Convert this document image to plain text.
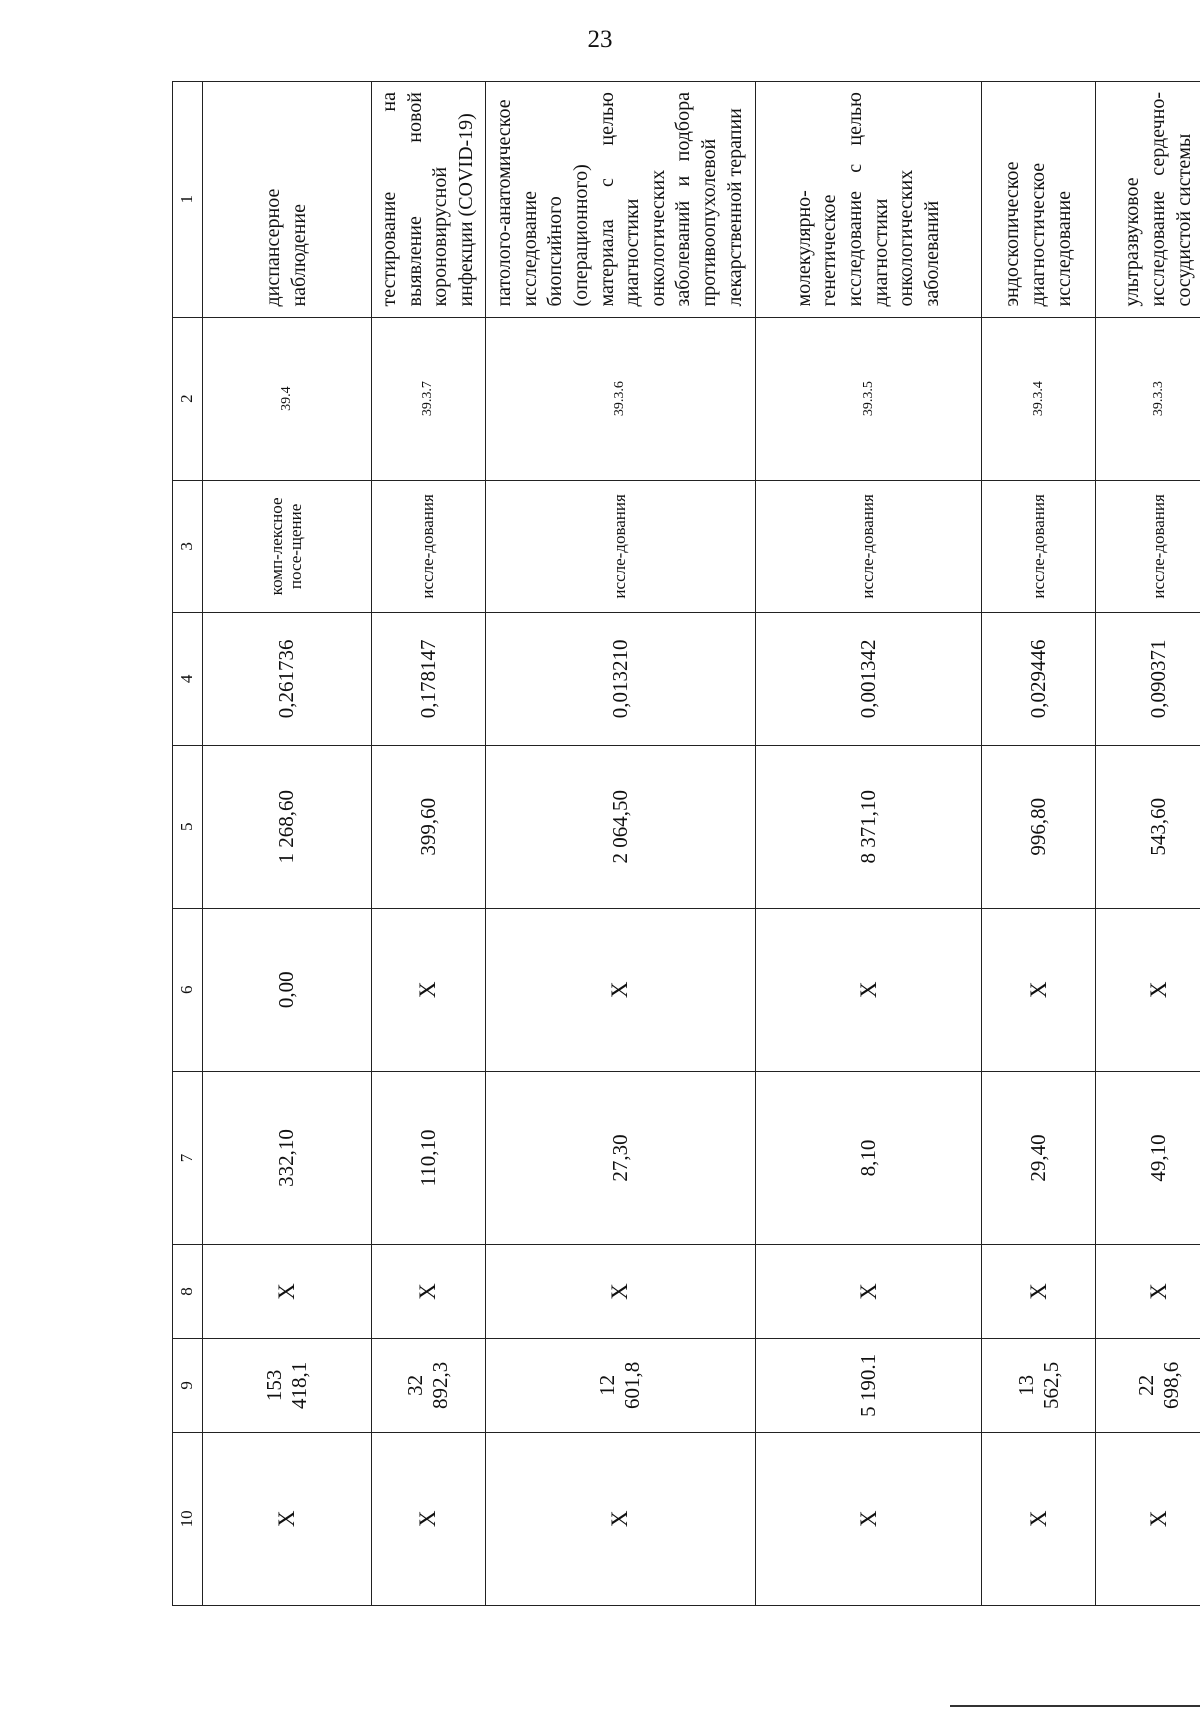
23
10	9	8	7	6	5	4	3	2	1
Х	153 418,1	Х	332,10	0,00	1 268,60	0,261736	комп-лексное посе-щение	39.4	диспансерное наблюдение
Х	32 892,3	Х	110,10	Х	399,60	0,178147	иссле-дования	39.3.7	тестирование на выявление новой короновирусной инфекции (COVID-19)
Х	12 601,8	Х	27,30	Х	2 064,50	0,013210	иссле-дования	39.3.6	патолого-анатомическое исследование биопсийного (операционного) материала с целью диагностики онкологических заболеваний и подбора противоопухолевой лекарственной терапии
Х	5 190.1	Х	8,10	Х	8 371,10	0,001342	иссле-дования	39.3.5	молекулярно-генетическое исследование с целью диагностики онкологических заболеваний
Х	13 562,5	Х	29,40	Х	996,80	0,029446	иссле-дования	39.3.4	эндоскопическое диагностическое исследование
Х	22 698,6	Х	49,10	Х	543,60	0,090371	иссле-дования	39.3.3	ультразвуковое исследование сердечно-сосудистой системы
